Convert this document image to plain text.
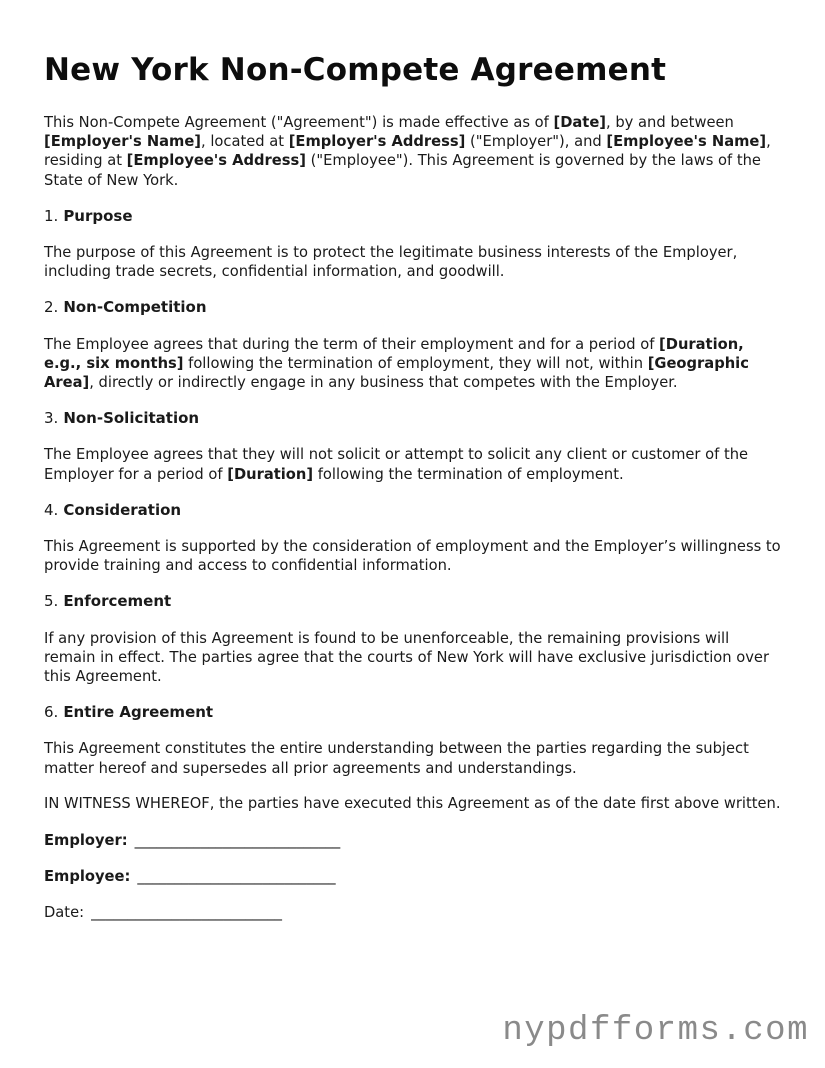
New York Non-Compete Agreement

This Non-Compete Agreement ("Agreement") is made effective as of [Date], by and between [Employer's Name], located at [Employer's Address] ("Employer"), and [Employee's Name], residing at [Employee's Address] ("Employee"). This Agreement is governed by the laws of the State of New York.

1. Purpose

The purpose of this Agreement is to protect the legitimate business interests of the Employer, including trade secrets, confidential information, and goodwill.

2. Non-Competition

The Employee agrees that during the term of their employment and for a period of [Duration, e.g., six months] following the termination of employment, they will not, within [Geographic Area], directly or indirectly engage in any business that competes with the Employer.

3. Non-Solicitation

The Employee agrees that they will not solicit or attempt to solicit any client or customer of the Employer for a period of [Duration] following the termination of employment.

4. Consideration

This Agreement is supported by the consideration of employment and the Employer’s willingness to provide training and access to confidential information.

5. Enforcement

If any provision of this Agreement is found to be unenforceable, the remaining provisions will remain in effect. The parties agree that the courts of New York will have exclusive jurisdiction over this Agreement.

6. Entire Agreement

This Agreement constitutes the entire understanding between the parties regarding the subject matter hereof and supersedes all prior agreements and understandings.

IN WITNESS WHEREOF, the parties have executed this Agreement as of the date first above written.

Employer: ____________________________

Employee: ___________________________

Date: __________________________

nypdfforms.com
